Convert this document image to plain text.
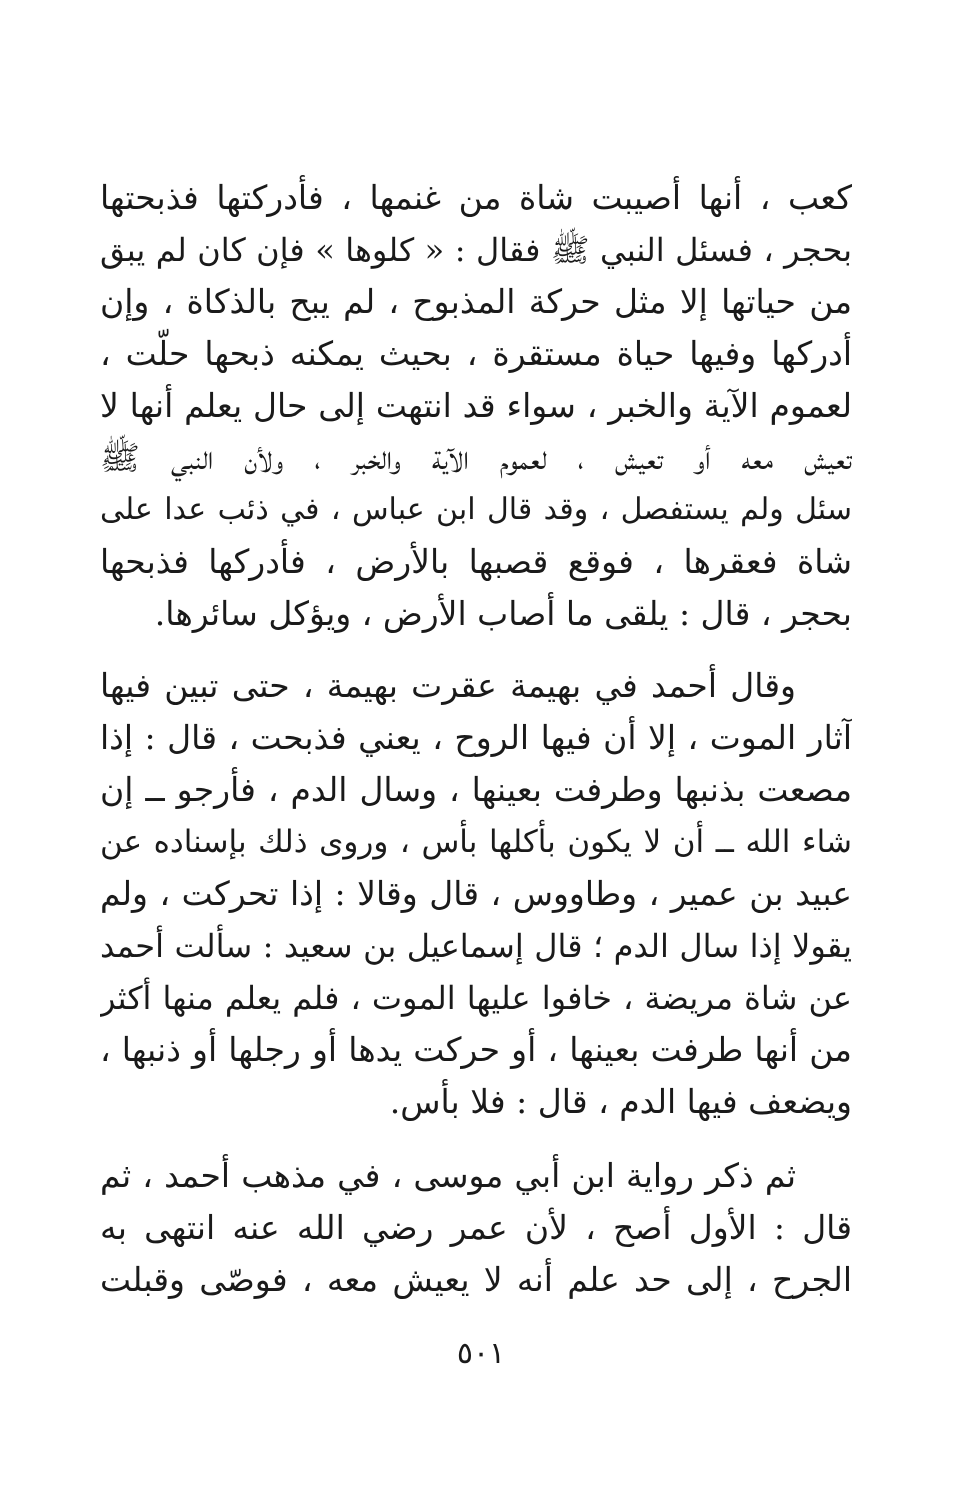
كعب ، أنها أصيبت شاة من غنمها ، فأدركتها فذبحتها
بحجر ، فسئل النبي ﷺ فقال : « كلوها » فإن كان لم يبق
من حياتها إلا مثل حركة المذبوح ، لم يبح بالذكاة ، وإن
أدركها وفيها حياة مستقرة ، بحيث يمكنه ذبحها حلّت ،
لعموم الآية والخبر ، سواء قد انتهت إلى حال يعلم أنها لا
تعيش معه أو تعيش ، لعموم الآية والخبر ، ولأن النبي ﷺ
سئل ولم يستفصل ، وقد قال ابن عباس ، في ذئب عدا على
شاة فعقرها ، فوقع قصبها بالأرض ، فأدركها فذبحها
بحجر ، قال : يلقى ما أصاب الأرض ، ويؤكل سائرها.
وقال أحمد في بهيمة عقرت بهيمة ، حتى تبين فيها
آثار الموت ، إلا أن فيها الروح ، يعني فذبحت ، قال : إذا
مصعت بذنبها وطرفت بعينها ، وسال الدم ، فأرجو ــ إن
شاء الله ــ أن لا يكون بأكلها بأس ، وروى ذلك بإسناده عن
عبيد بن عمير ، وطاووس ، قال وقالا : إذا تحركت ، ولم
يقولا إذا سال الدم ؛ قال إسماعيل بن سعيد : سألت أحمد
عن شاة مريضة ، خافوا عليها الموت ، فلم يعلم منها أكثر
من أنها طرفت بعينها ، أو حركت يدها أو رجلها أو ذنبها ،
ويضعف فيها الدم ، قال : فلا بأس.
ثم ذكر رواية ابن أبي موسى ، في مذهب أحمد ، ثم
قال : الأول أصح ، لأن عمر رضي الله عنه انتهى به
الجرح ، إلى حد علم أنه لا يعيش معه ، فوصّى وقبلت
٥٠١
